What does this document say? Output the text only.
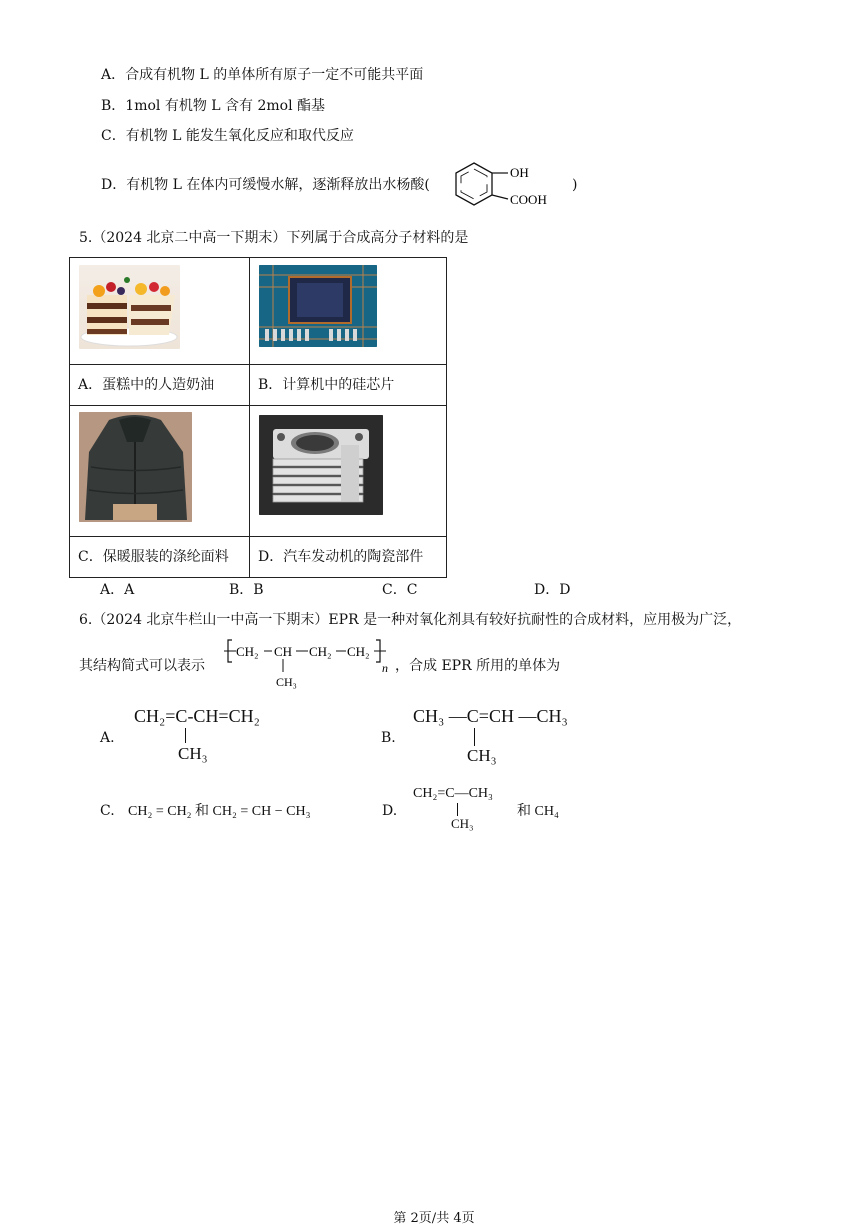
A．合成有机物 L 的单体所有原子一定不可能共平面
B．1mol 有机物 L 含有 2mol 酯基
C．有机物 L 能发生氧化反应和取代反应
D．有机物 L 在体内可缓慢水解，逐渐释放出水杨酸(
OH
COOH
)
5.（2024 北京二中高一下期末）下列属于合成高分子材料的是

A．蛋糕中的人造奶油	B．计算机中的硅芯片

C．保暖服装的涤纶面料	D．汽车发动机的陶瓷部件
A．A	B．B	C．C	D．D
6.（2024 北京牛栏山一中高一下期末）EPR 是一种对氧化剂具有较好抗耐性的合成材料，应用极为广泛，
其结构简式可以表示
CH₂ CH CH₂ CH₂
CH₃
n ，合成 EPR 所用的单体为
A.
CH₂=C-CH=CH₂
CH₃
B.
CH₃ —C=CH —CH₃
CH₃
C. CH₂ = CH₂ 和 CH₂ = CH − CH₃	D.
CH₂=C—CH₃
CH₃
和 CH₄
第 2页/共 4页
